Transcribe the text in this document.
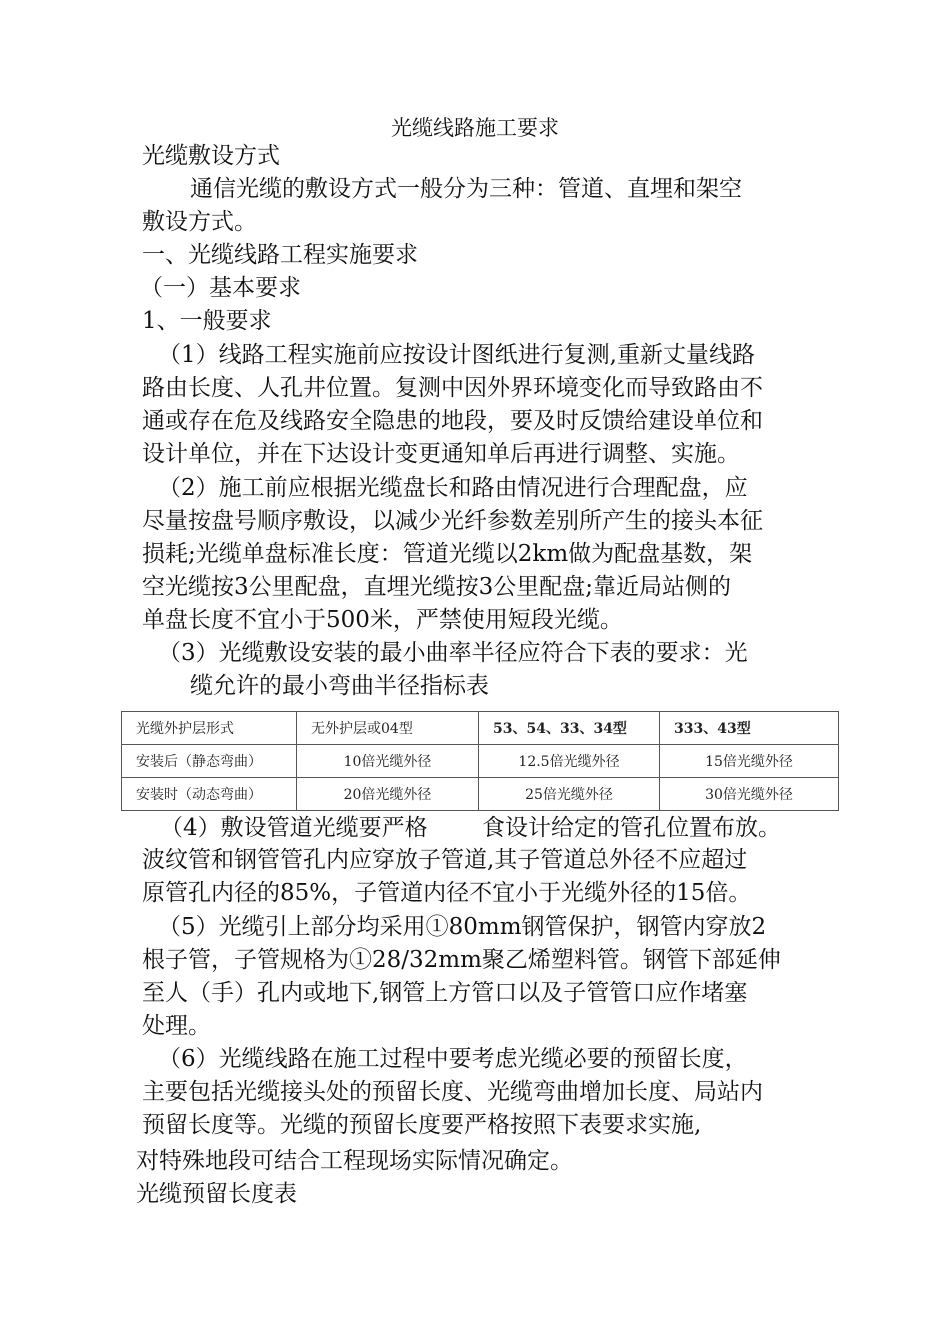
光缆线路施工要求
光缆敷设方式
通信光缆的敷设方式一般分为三种：管道、直埋和架空
敷设方式。
一、光缆线路工程实施要求
（一）基本要求
1、一般要求
（1）线路工程实施前应按设计图纸进行复测,重新丈量线路
路由长度、人孔井位置。复测中因外界环境变化而导致路由不
通或存在危及线路安全隐患的地段，要及时反馈给建设单位和
设计单位，并在下达设计变更通知单后再进行调整、实施。
（2）施工前应根据光缆盘长和路由情况进行合理配盘，应
尽量按盘号顺序敷设，以减少光纤参数差别所产生的接头本征
损耗;光缆单盘标准长度：管道光缆以2km做为配盘基数，架
空光缆按3公里配盘，直埋光缆按3公里配盘;靠近局站侧的
单盘长度不宜小于500米，严禁使用短段光缆。
（3）光缆敷设安装的最小曲率半径应符合下表的要求：光
缆允许的最小弯曲半径指标表
光缆外护层形式	无外护层或04型	53、54、33、34型	333、43型
安装后（静态弯曲）	10倍光缆外径	12.5倍光缆外径	15倍光缆外径
安装时（动态弯曲）	20倍光缆外径	25倍光缆外径	30倍光缆外径
（4）敷设管道光缆要严格 食设计给定的管孔位置布放。
波纹管和钢管管孔内应穿放子管道,其子管道总外径不应超过
原管孔内径的85%，子管道内径不宜小于光缆外径的15倍。
（5）光缆引上部分均采用①80mm钢管保护，钢管内穿放2
根子管，子管规格为①28/32mm聚乙烯塑料管。钢管下部延伸
至人（手）孔内或地下,钢管上方管口以及子管管口应作堵塞
处理。
（6）光缆线路在施工过程中要考虑光缆必要的预留长度，
主要包括光缆接头处的预留长度、光缆弯曲增加长度、局站内
预留长度等。光缆的预留长度要严格按照下表要求实施,
对特殊地段可结合工程现场实际情况确定。
光缆预留长度表
